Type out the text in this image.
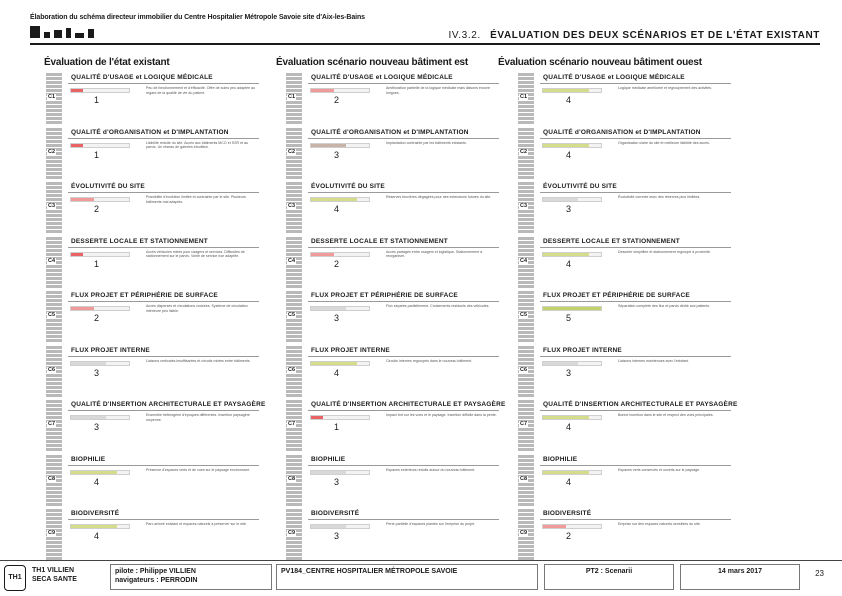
Élaboration du schéma directeur immobilier du Centre Hospitalier Métropole Savoie site d'Aix-les-Bains
IV.3.2. ÉVALUATION DES DEUX SCÉNARIOS ET DE L'ÉTAT EXISTANT
Évaluation de l'état existant	Évaluation scénario nouveau bâtiment est	Évaluation scénario nouveau bâtiment ouest
C1
QUALITÉ D'USAGE et LOGIQUE MÉDICALE
1
Peu de fonctionnement et d'efficacité. Offre de soins peu adaptée au regard de la qualité de vie du patient.
C2
QUALITÉ d'ORGANISATION et D'IMPLANTATION
1
Lisibilité réduite du site. Accès aux bâtiments MCO et SSR et au parvis. Un réseau de galeries étouffant.
C3
ÉVOLUTIVITÉ DU SITE
2
Possibilité d'évolution limitée et contrainte par le site. Plusieurs bâtiments mal adaptés.
C4
DESSERTE LOCALE ET STATIONNEMENT
1
Accès véhicules mixés pour usagers et services. Difficultés de stationnement sur le parvis. Voirie de service non adaptée.
C5
FLUX PROJET ET PÉRIPHÉRIE DE SURFACE
2
Accès dispersés et circulations croisées. Système de circulation intérieure peu lisible.
C6
FLUX PROJET INTERNE
3
Liaisons verticales insuffisantes et circuits mixtes entre bâtiments.
C7
QUALITÉ D'INSERTION ARCHITECTURALE ET PAYSAGÈRE
3
Ensemble hétérogène d'époques différentes. Insertion paysagère moyenne.
C8
BIOPHILIE
4
Présence d'espaces verts et de vues sur le paysage environnant.
C9
BIODIVERSITÉ
4
Parc arboré existant et espaces naturels à préserver sur le site.
C1
QUALITÉ D'USAGE et LOGIQUE MÉDICALE
2
Amélioration partielle de la logique médicale mais liaisons encore longues.
C2
QUALITÉ d'ORGANISATION et D'IMPLANTATION
3
Implantation contrainte par les bâtiments existants.
C3
ÉVOLUTIVITÉ DU SITE
4
Réserves foncières dégagées pour des extensions futures du site.
C4
DESSERTE LOCALE ET STATIONNEMENT
2
Accès partagés entre usagers et logistique. Stationnement à réorganiser.
C5
FLUX PROJET ET PÉRIPHÉRIE DE SURFACE
3
Flux séparés partiellement. Croisements résiduels des véhicules.
C6
FLUX PROJET INTERNE
4
Circuits internes regroupés dans le nouveau bâtiment.
C7
QUALITÉ D'INSERTION ARCHITECTURALE ET PAYSAGÈRE
1
Impact fort sur les vues et le paysage. Insertion difficile dans la pente.
C8
BIOPHILIE
3
Espaces extérieurs réduits autour du nouveau bâtiment.
C9
BIODIVERSITÉ
3
Perte partielle d'espaces plantés sur l'emprise du projet.
C1
QUALITÉ D'USAGE et LOGIQUE MÉDICALE
4
Logique médicale améliorée et regroupement des activités.
C2
QUALITÉ d'ORGANISATION et D'IMPLANTATION
4
Organisation claire du site et meilleure lisibilité des accès.
C3
ÉVOLUTIVITÉ DU SITE
3
Évolutivité correcte avec des réserves plus limitées.
C4
DESSERTE LOCALE ET STATIONNEMENT
4
Desserte simplifiée et stationnement regroupé à proximité.
C5
FLUX PROJET ET PÉRIPHÉRIE DE SURFACE
5
Séparation complète des flux et parvis dédié aux patients.
C6
FLUX PROJET INTERNE
3
Liaisons internes maintenues avec l'existant.
C7
QUALITÉ D'INSERTION ARCHITECTURALE ET PAYSAGÈRE
4
Bonne insertion dans le site et respect des vues principales.
C8
BIOPHILIE
4
Espaces verts conservés et ouverts sur le paysage.
C9
BIODIVERSITÉ
2
Emprise sur des espaces naturels sensibles du site.
TH1
TH1 VILLIEN
SECA SANTE
pilote : Philippe VILLIEN
navigateurs : PERRODIN
PV184_CENTRE HOSPITALIER MÉTROPOLE SAVOIE	PT2 : Scenarii	14 mars 2017	23
